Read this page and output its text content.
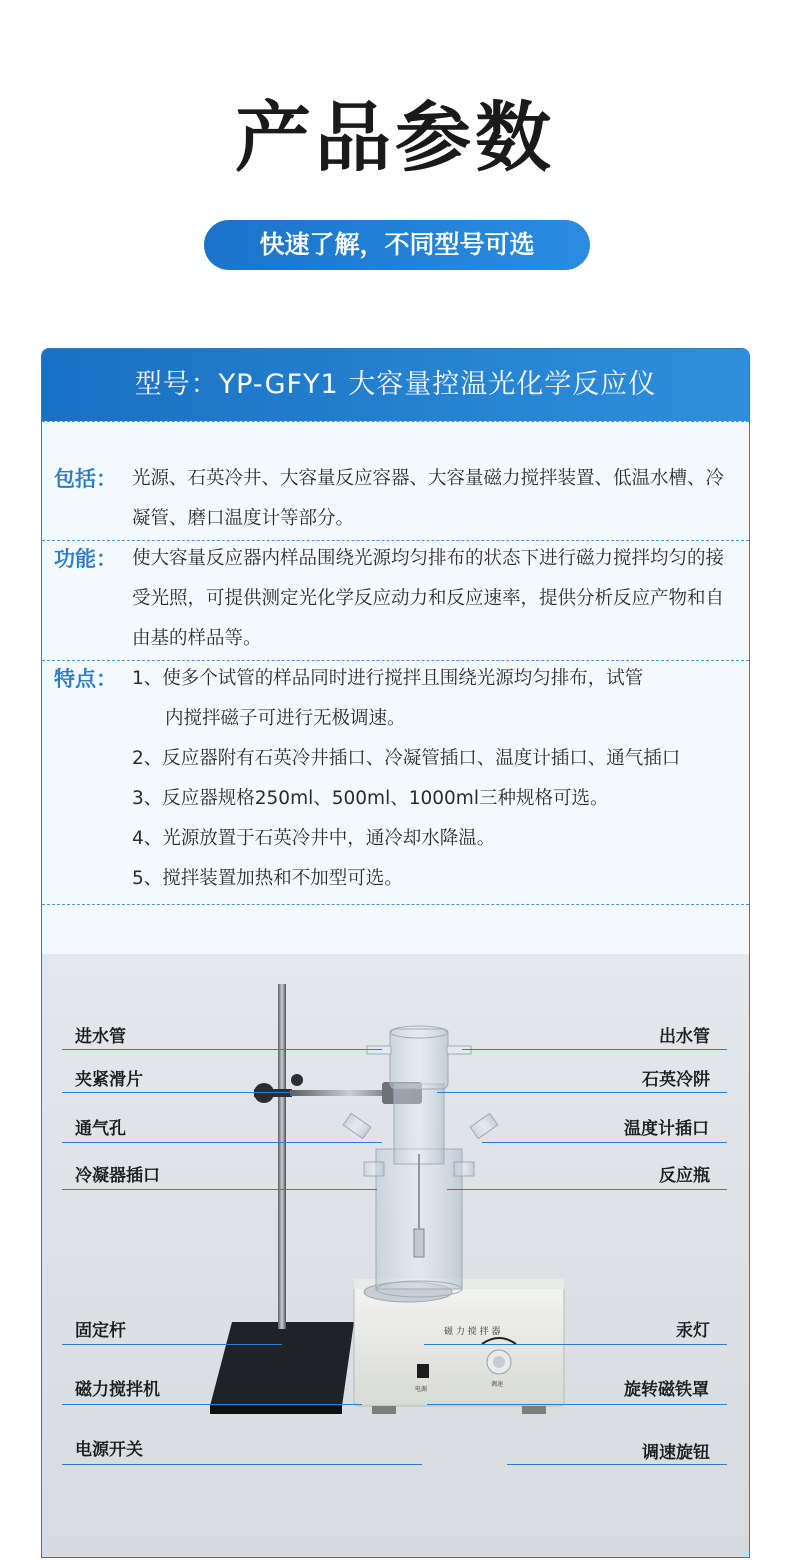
产品参数
快速了解，不同型号可选
型号：YP-GFY1 大容量控温光化学反应仪
包括： 光源、石英冷井、大容量反应容器、大容量磁力搅拌装置、低温水槽、冷凝管、磨口温度计等部分。
功能： 使大容量反应器内样品围绕光源均匀排布的状态下进行磁力搅拌均匀的接受光照，可提供测定光化学反应动力和反应速率，提供分析反应产物和自由基的样品等。
特点： 1、使多个试管的样品同时进行搅拌且围绕光源均匀排布，试管
内搅拌磁子可进行无极调速。
2、反应器附有石英冷井插口、冷凝管插口、温度计插口、通气插口
3、反应器规格250ml、500ml、1000ml三种规格可选。
4、光源放置于石英冷井中，通冷却水降温。
5、搅拌装置加热和不加型可选。
磁 力 搅 拌 器
电源
调速
进水管
夹紧滑片
通气孔
冷凝器插口
固定杆
磁力搅拌机
电源开关
出水管
石英冷阱
温度计插口
反应瓶
汞灯
旋转磁铁罩
调速旋钮
